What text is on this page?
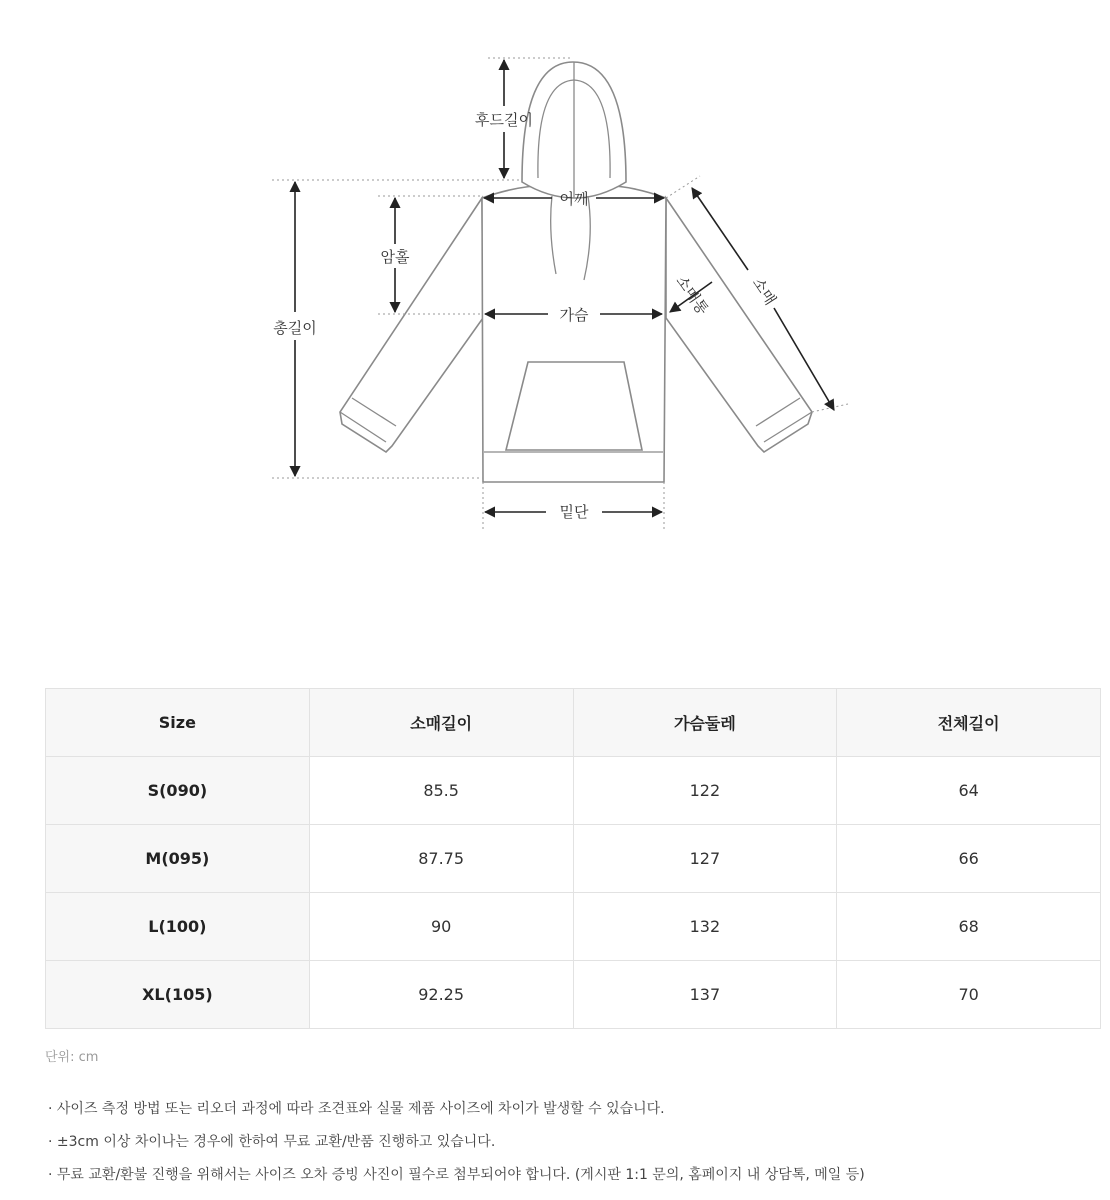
후드길이
어깨
암홀
총길이
가슴	소매통 소매
밑단
Size	소매길이	가슴둘레	전체길이
S(090)	85.5	122	64
M(095)	87.75	127	66
L(100)	90	132	68
XL(105)	92.25	137	70
단위: cm
· 사이즈 측정 방법 또는 리오더 과정에 따라 조견표와 실물 제품 사이즈에 차이가 발생할 수 있습니다.
· ±3cm 이상 차이나는 경우에 한하여 무료 교환/반품 진행하고 있습니다.
· 무료 교환/환불 진행을 위해서는 사이즈 오차 증빙 사진이 필수로 첨부되어야 합니다. (게시판 1:1 문의, 홈페이지 내 상담톡, 메일 등)
